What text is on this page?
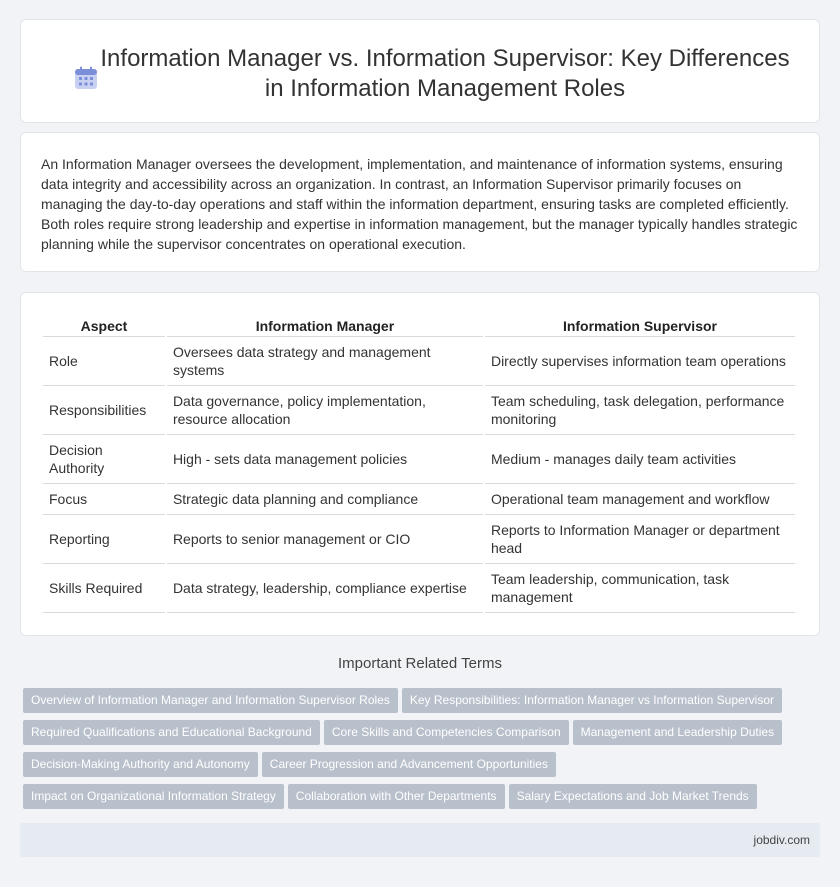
Information Manager vs. Information Supervisor: Key Differences in Information Management Roles

An Information Manager oversees the development, implementation, and maintenance of information systems, ensuring data integrity and accessibility across an organization. In contrast, an Information Supervisor primarily focuses on managing the day-to-day operations and staff within the information department, ensuring tasks are completed efficiently. Both roles require strong leadership and expertise in information management, but the manager typically handles strategic planning while the supervisor concentrates on operational execution.

Aspect	Information Manager	Information Supervisor
Role	Oversees data strategy and management systems	Directly supervises information team operations
Responsibilities	Data governance, policy implementation, resource allocation	Team scheduling, task delegation, performance monitoring
Decision Authority	High - sets data management policies	Medium - manages daily team activities
Focus	Strategic data planning and compliance	Operational team management and workflow
Reporting	Reports to senior management or CIO	Reports to Information Manager or department head
Skills Required	Data strategy, leadership, compliance expertise	Team leadership, communication, task management
Important Related Terms
Overview of Information Manager and Information Supervisor Roles Key Responsibilities: Information Manager vs Information Supervisor
Required Qualifications and Educational Background Core Skills and Competencies Comparison Management and Leadership Duties
Decision-Making Authority and Autonomy Career Progression and Advancement Opportunities
Impact on Organizational Information Strategy Collaboration with Other Departments Salary Expectations and Job Market Trends
jobdiv.com
